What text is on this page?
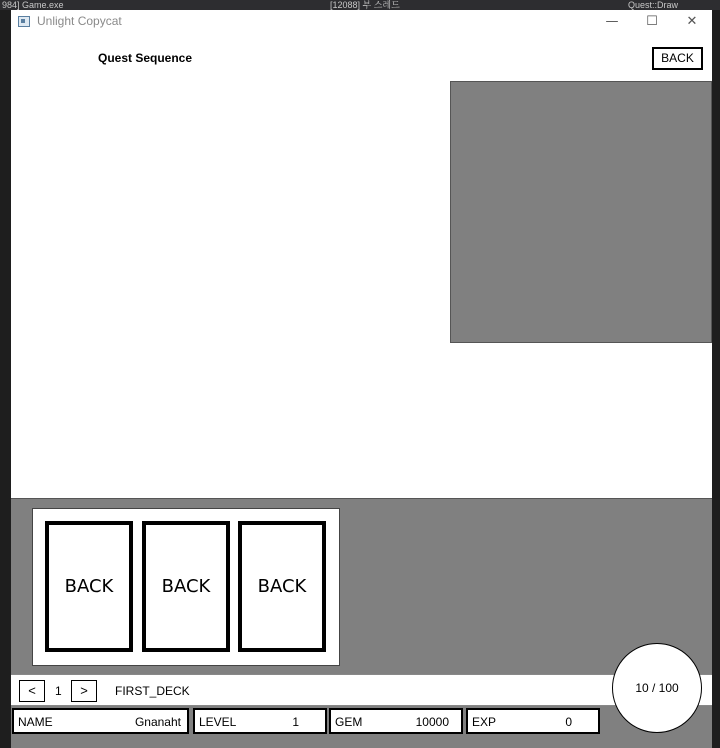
984] Game.exe	[12088] 부 스레드	Quest::Draw
Unlight Copycat	—	☐	✕
Quest Sequence	BACK
BACK	BACK	BACK
<	1	>	FIRST_DECK
NAME	Gnanaht LEVEL	1	GEM	10000 EXP	0
10 / 100
